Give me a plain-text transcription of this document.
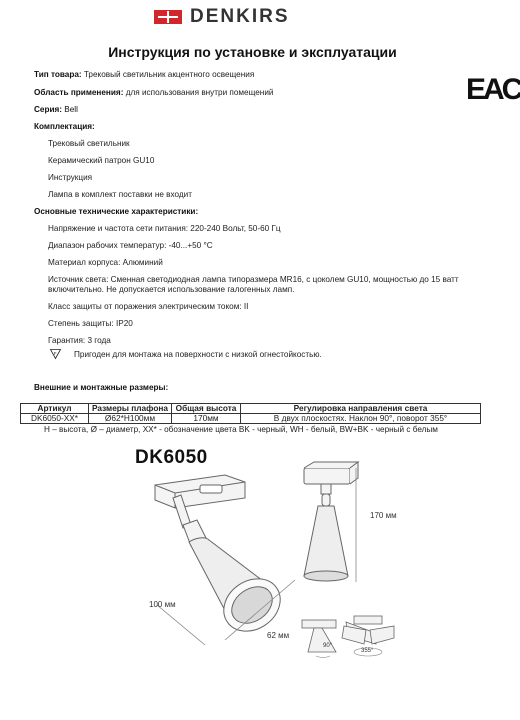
DENKIRS
Инструкция по установке и эксплуатации
EAC
Тип товара: Трековый светильник акцентного освещения
Область применения: для использования внутри помещений
Серия: Bell
Комплектация:
Трековый светильник
Керамический патрон GU10
Инструкция
Лампа в комплект поставки не входит
Основные технические характеристики:
Напряжение и частота сети питания: 220-240 Вольт, 50-60 Гц
Диапазон рабочих температур: -40...+50 °С
Материал корпуса: Алюминий
Источник света: Сменная светодиодная лампа типоразмера MR16, с цоколем GU10, мощностью до 15 ватт
включительно. Не допускается использование галогенных ламп.
Класс защиты от поражения электрическим током: II
Степень защиты: IP20
Гарантия: 3 года
F Пригоден для монтажа на поверхности с низкой огнестойкостью.
Внешние и монтажные размеры:
Артикул	Размеры плафона	Общая высота	Регулировка направления света
DK6050-XX*	Ø62*H100мм	170мм	В двух плоскостях. Наклон 90°, поворот 355°
H – высота, Ø – диаметр, XX* - обозначение цвета BK - черный, WH - белый, BW+BK - черный с белым
DK6050
100 мм
62 мм
170 мм
90°
355°
